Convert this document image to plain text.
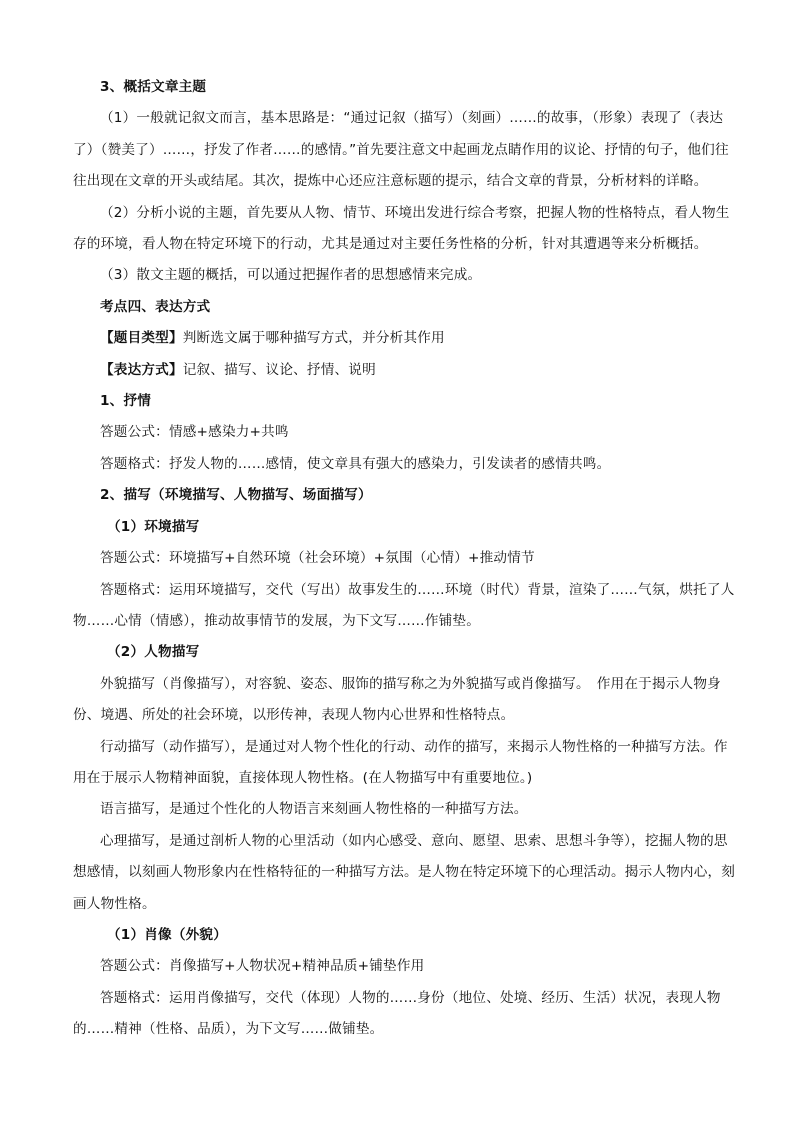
3、概括文章主题

（1）一般就记叙文而言，基本思路是：“通过记叙（描写）（刻画）……的故事，（形象）表现了（表达了）（赞美了）……，抒发了作者……的感情。”首先要注意文中起画龙点睛作用的议论、抒情的句子，他们往往出现在文章的开头或结尾。其次，提炼中心还应注意标题的提示，结合文章的背景，分析材料的详略。

（2）分析小说的主题，首先要从人物、情节、环境出发进行综合考察，把握人物的性格特点，看人物生存的环境，看人物在特定环境下的行动，尤其是通过对主要任务性格的分析，针对其遭遇等来分析概括。

（3）散文主题的概括，可以通过把握作者的思想感情来完成。

考点四、表达方式

【题目类型】判断选文属于哪种描写方式，并分析其作用

【表达方式】记叙、描写、议论、抒情、说明

1、抒情

答题公式：情感+感染力+共鸣

答题格式：抒发人物的……感情，使文章具有强大的感染力，引发读者的感情共鸣。

2、描写（环境描写、人物描写、场面描写）

（1）环境描写

答题公式：环境描写+自然环境（社会环境）+氛围（心情）+推动情节

答题格式：运用环境描写，交代（写出）故事发生的……环境（时代）背景，渲染了……气氛，烘托了人物……心情（情感），推动故事情节的发展，为下文写……作铺垫。

（2）人物描写

外貌描写（肖像描写），对容貌、姿态、服饰的描写称之为外貌描写或肖像描写。　作用在于揭示人物身份、境遇、所处的社会环境，以形传神，表现人物内心世界和性格特点。

行动描写（动作描写），是通过对人物个性化的行动、动作的描写，来揭示人物性格的一种描写方法。作用在于展示人物精神面貌，直接体现人物性格。(在人物描写中有重要地位。)

语言描写，是通过个性化的人物语言来刻画人物性格的一种描写方法。

心理描写，是通过剖析人物的心里活动（如内心感受、意向、愿望、思索、思想斗争等），挖掘人物的思想感情，以刻画人物形象内在性格特征的一种描写方法。是人物在特定环境下的心理活动。揭示人物内心，刻画人物性格。

（1）肖像（外貌）

答题公式：肖像描写+人物状况+精神品质+铺垫作用

答题格式：运用肖像描写，交代（体现）人物的……身份（地位、处境、经历、生活）状况，表现人物的……精神（性格、品质），为下文写……做铺垫。
